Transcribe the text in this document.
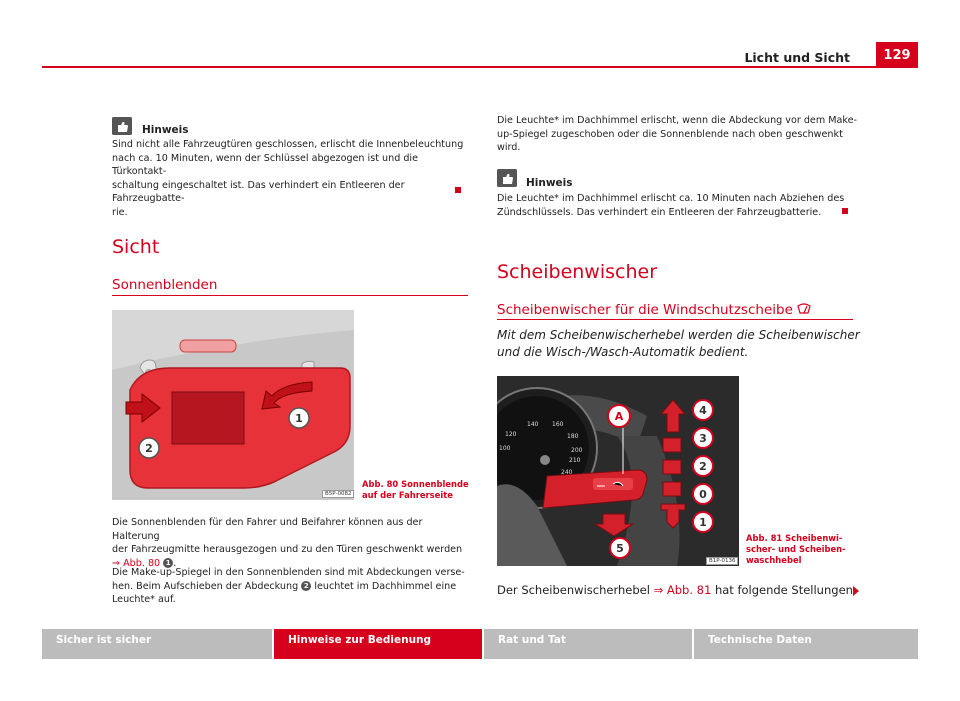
Licht und Sicht	129
Hinweis
Sind nicht alle Fahrzeugtüren geschlossen, erlischt die Innenbeleuchtung
nach ca. 10 Minuten, wenn der Schlüssel abgezogen ist und die Türkontakt-
schaltung eingeschaltet ist. Das verhindert ein Entleeren der Fahrzeugbatte-
rie.
Sicht
Sonnenblenden
1
2
B5P-0082
Abb. 80 Sonnenblende
auf der Fahrerseite
Die Sonnenblenden für den Fahrer und Beifahrer können aus der Halterung
der Fahrzeugmitte herausgezogen und zu den Türen geschwenkt werden
⇒ Abb. 80 1 .
Die Make-up-Spiegel in den Sonnenblenden sind mit Abdeckungen verse-
hen. Beim Aufschieben der Abdeckung 2 leuchtet im Dachhimmel eine
Leuchte* auf.
Die Leuchte* im Dachhimmel erlischt, wenn die Abdeckung vor dem Make-
up-Spiegel zugeschoben oder die Sonnenblende nach oben geschwenkt
wird.
Hinweis
Die Leuchte* im Dachhimmel erlischt ca. 10 Minuten nach Abziehen des
Zündschlüssels. Das verhindert ein Entleeren der Fahrzeugbatterie.
Scheibenwischer
Scheibenwischer für die Windschutzscheibe
Mit dem Scheibenwischerhebel werden die Scheibenwischer
und die Wisch-/Wasch-Automatik bedient.
120
140 160
180
100	200
210
240
A	4
3
2
0
1
5
B1P-0136
Abb. 81 Scheibenwi-
scher- und Scheiben-
waschhebel
Der Scheibenwischerhebel ⇒ Abb. 81 hat folgende Stellungen:
Sicher ist sicher	Hinweise zur Bedienung	Rat und Tat	Technische Daten
